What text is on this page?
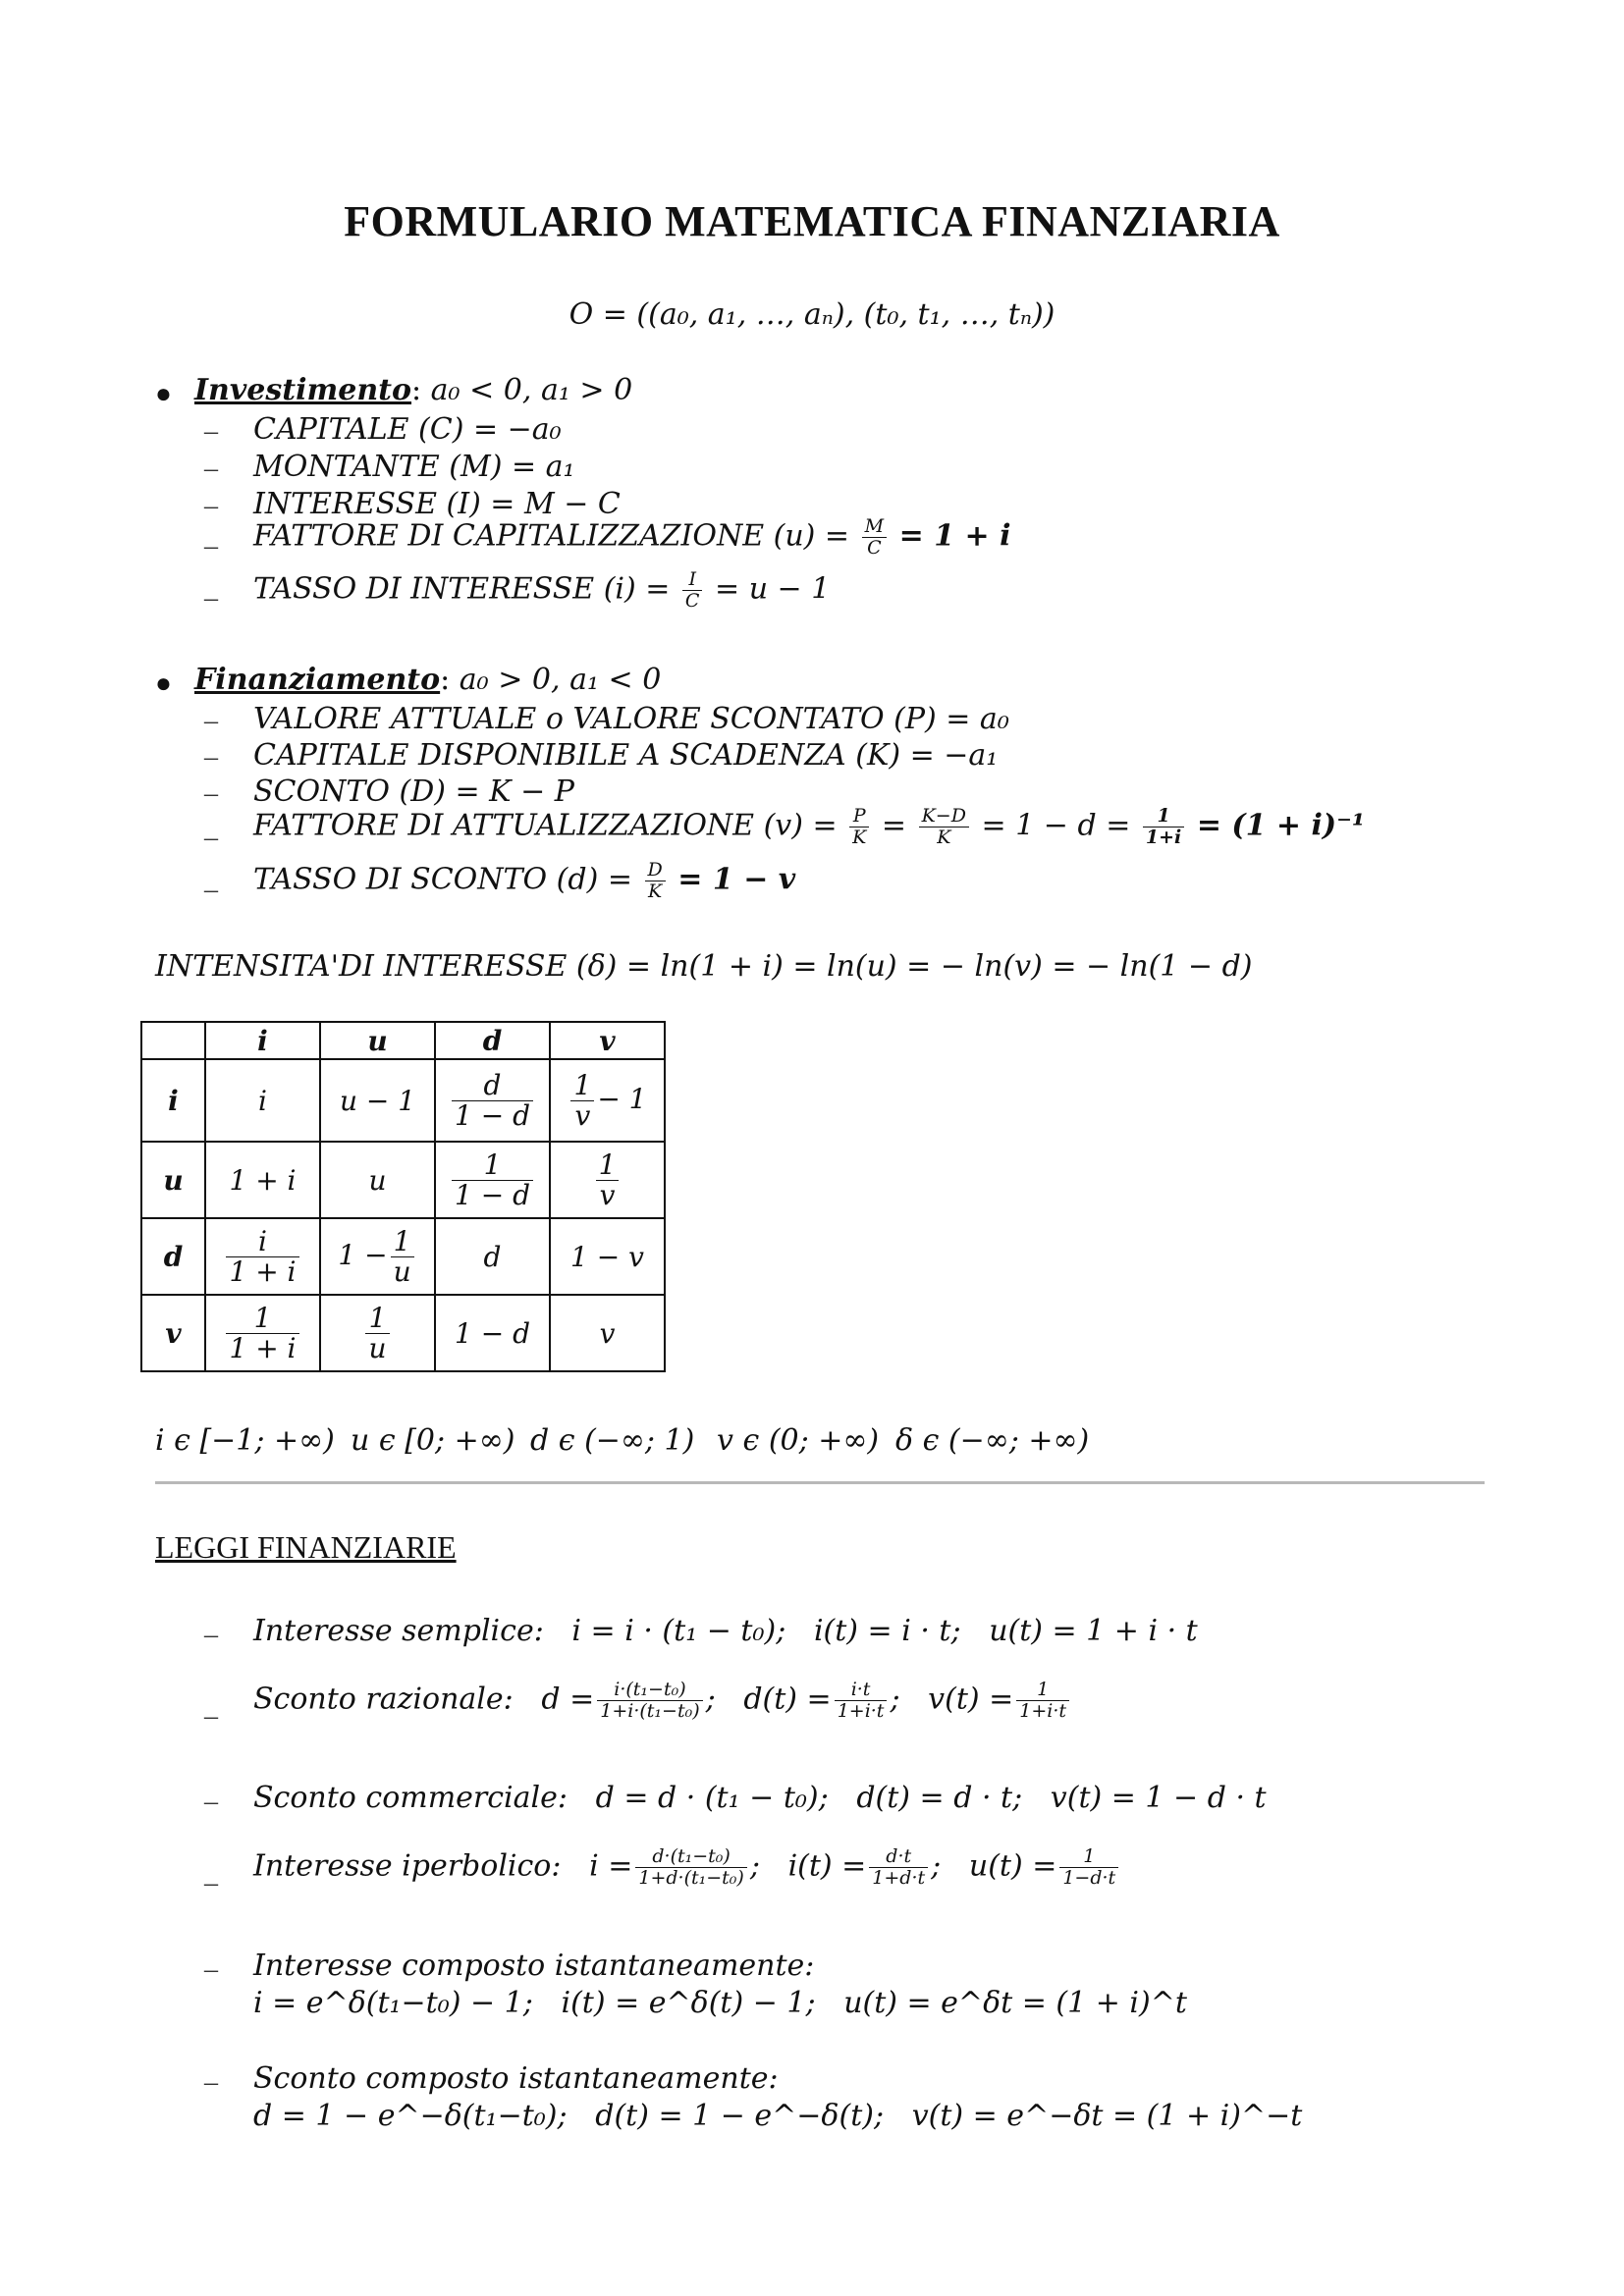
FORMULARIO MATEMATICA FINANZIARIA
O = ((a₀, a₁, …, aₙ), (t₀, t₁, …, tₙ))
● Investimento: a₀ < 0, a₁ > 0
– CAPITALE (C) = −a₀
– MONTANTE (M) = a₁
– INTERESSE (I) = M − C
– FATTORE DI CAPITALIZZAZIONE $(u) = \frac{M}{C} = 1 + i$
– TASSO DI INTERESSE $(i) = \frac{I}{C} = u - 1$
● Finanziamento: a₀ > 0, a₁ < 0
– VALORE ATTUALE o VALORE SCONTATO (P) = a₀
– CAPITALE DISPONIBILE A SCADENZA (K) = −a₁
– SCONTO (D) = K − P
– FATTORE DI ATTUALIZZAZIONE $(v) = \frac{P}{K} = \frac{K-D}{K} = 1 - d = \frac{1}{1+i} = (1 + i)^{-1}$
– TASSO DI SCONTO $(d) = \frac{D}{K} = 1 - v$
INTENSITA'DI INTERESSE (δ) = ln(1 + i) = ln(u) = − ln(v) = − ln(1 − d)
	i	u	d	v
i	i	u − 1	$\frac{d}{1 - d}$	$\frac{1}{v} - 1$
u	1 + i	u	$\frac{1}{1 - d}$	$\frac{1}{v}$

d	$\frac{i}{1 + i}$	$1 - \frac{1}{u}$	d	1 − v
v	$\frac{1}{1 + i}$	$\frac{1}{u}$	1 − d	v
i ϵ [−1; +∞) u ϵ [0; +∞) d ϵ (−∞; 1) v ϵ (0; +∞) δ ϵ (−∞; +∞)
LEGGI FINANZIARIE
– Interesse semplice: i = i · (t₁ − t₀); i(t) = i · t; u(t) = 1 + i · t
– Sconto razionale: $d = \frac{\text{i·(t₁−t₀)}}{\text{1+i·(t₁−t₀)}}$ ;   $d(t) = \frac{i\cdot t}{1+i\cdot t}$ ;   $v(t) = \frac{1}{1+i\cdot t}$
– Sconto commerciale: d = d · (t₁ − t₀); d(t) = d · t; v(t) = 1 − d · t
– Interesse iperbolico: $i = \frac{\text{d·(t₁−t₀)}}{\text{1+d·(t₁−t₀)}}$ ;   $i(t) = \frac{d\cdot t}{1+d\cdot t}$ ;   $u(t) = \frac{1}{1-d\cdot t}$
– Interesse composto istantaneamente:
i = e^δ(t₁−t₀) − 1; i(t) = e^δ(t) − 1; u(t) = e^δt = (1 + i)^t
– Sconto composto istantaneamente:
d = 1 − e^−δ(t₁−t₀); d(t) = 1 − e^−δ(t); v(t) = e^−δt = (1 + i)^−t
